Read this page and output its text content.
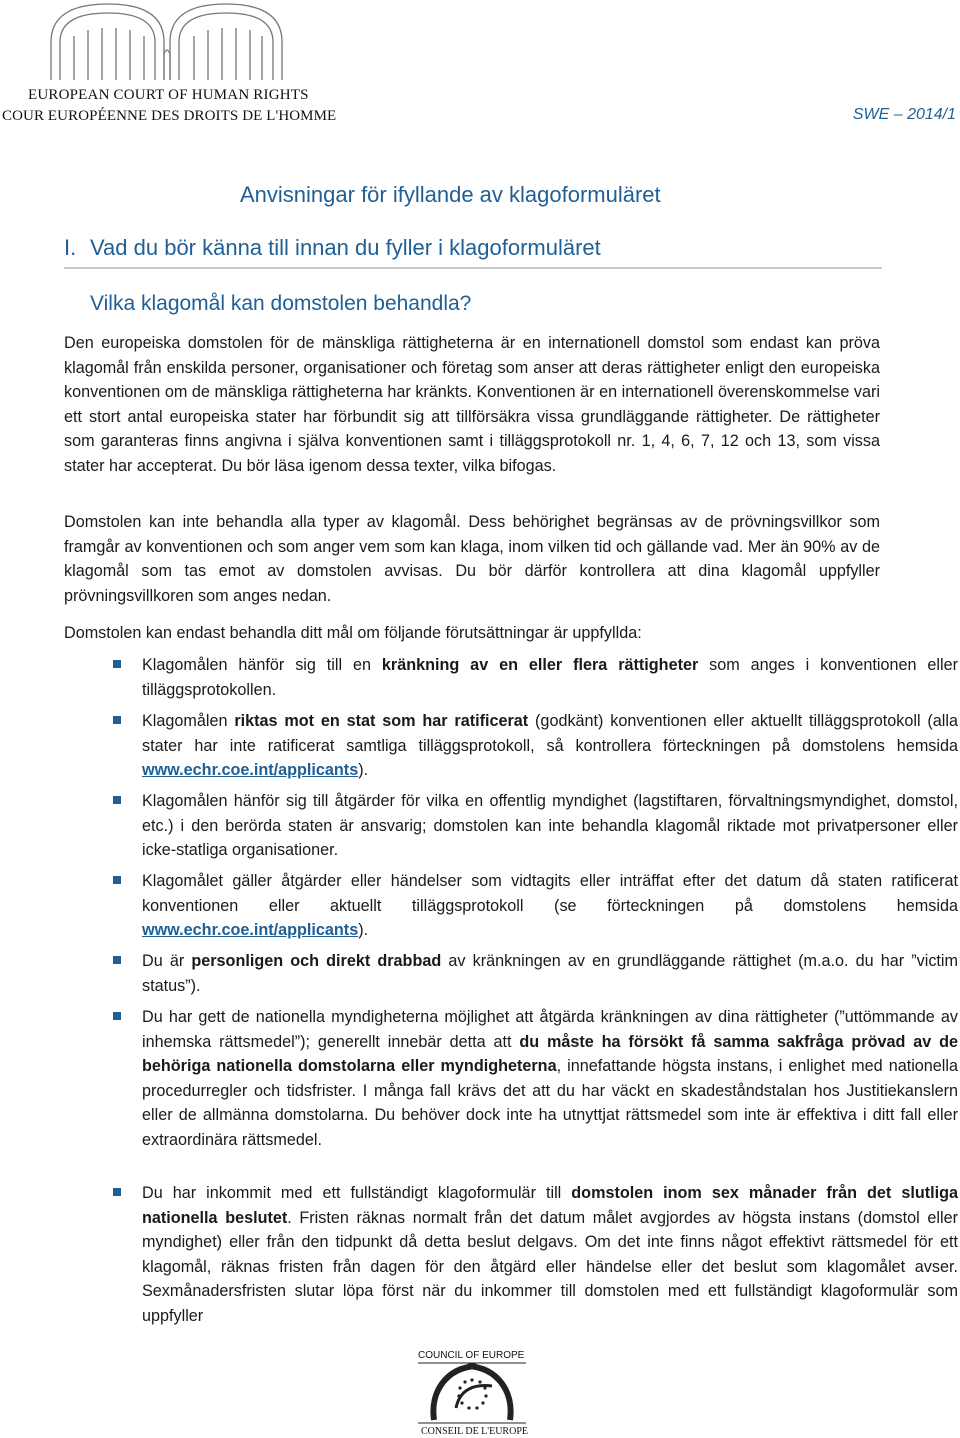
EUROPEAN COURT OF HUMAN RIGHTS
COUR EUROPÉENNE DES DROITS DE L'HOMME	SWE – 2014/1
Anvisningar för ifyllande av klagoformuläret
I. Vad du bör känna till innan du fyller i klagoformuläret
Vilka klagomål kan domstolen behandla?

Den europeiska domstolen för de mänskliga rättigheterna är en internationell domstol som endast kan pröva klagomål från enskilda personer, organisationer och företag som anser att deras rättigheter enligt den europeiska konventionen om de mänskliga rättigheterna har kränkts. Konventionen är en internationell överenskommelse vari ett stort antal europeiska stater har förbundit sig att tillförsäkra vissa grundläggande rättigheter. De rättigheter som garanteras finns angivna i själva konventionen samt i tilläggsprotokoll nr. 1, 4, 6, 7, 12 och 13, som vissa stater har accepterat. Du bör läsa igenom dessa texter, vilka bifogas.

Domstolen kan inte behandla alla typer av klagomål. Dess behörighet begränsas av de prövningsvillkor som framgår av konventionen och som anger vem som kan klaga, inom vilken tid och gällande vad. Mer än 90% av de klagomål som tas emot av domstolen avvisas. Du bör därför kontrollera att dina klagomål uppfyller prövningsvillkoren som anges nedan.

Domstolen kan endast behandla ditt mål om följande förutsättningar är uppfyllda:

Klagomålen hänför sig till en kränkning av en eller flera rättigheter som anges i konventionen eller tilläggsprotokollen.
Klagomålen riktas mot en stat som har ratificerat (godkänt) konventionen eller aktuellt tilläggsprotokoll (alla stater har inte ratificerat samtliga tilläggsprotokoll, så kontrollera förteckningen på domstolens hemsida www.echr.coe.int/applicants).
Klagomålen hänför sig till åtgärder för vilka en offentlig myndighet (lagstiftaren, förvaltningsmyndighet, domstol, etc.) i den berörda staten är ansvarig; domstolen kan inte behandla klagomål riktade mot privatpersoner eller icke-statliga organisationer.
Klagomålet gäller åtgärder eller händelser som vidtagits eller inträffat efter det datum då staten ratificerat konventionen eller aktuellt tilläggsprotokoll (se förteckningen på domstolens hemsida www.echr.coe.int/applicants).
Du är personligen och direkt drabbad av kränkningen av en grundläggande rättighet (m.a.o. du har ”victim status”).
Du har gett de nationella myndigheterna möjlighet att åtgärda kränkningen av dina rättigheter (”uttömmande av inhemska rättsmedel”); generellt innebär detta att du måste ha försökt få samma sakfråga prövad av de behöriga nationella domstolarna eller myndigheterna, innefattande högsta instans, i enlighet med nationella procedurregler och tidsfrister. I många fall krävs det att du har väckt en skadeståndstalan hos Justitiekanslern eller de allmänna domstolarna. Du behöver dock inte ha utnyttjat rättsmedel som inte är effektiva i ditt fall eller extraordinära rättsmedel.
Du har inkommit med ett fullständigt klagoformulär till domstolen inom sex månader från det slutliga nationella beslutet. Fristen räknas normalt från det datum målet avgjordes av högsta instans (domstol eller myndighet) eller från den tidpunkt då detta beslut delgavs. Om det inte finns något effektivt rättsmedel för ett klagomål, räknas fristen från dagen för den åtgärd eller händelse eller det beslut som klagomålet avser. Sexmånadersfristen slutar löpa först när du inkommer till domstolen med ett fullständigt klagoformulär som uppfyller
COUNCIL OF EUROPE
CONSEIL DE L'EUROPE
